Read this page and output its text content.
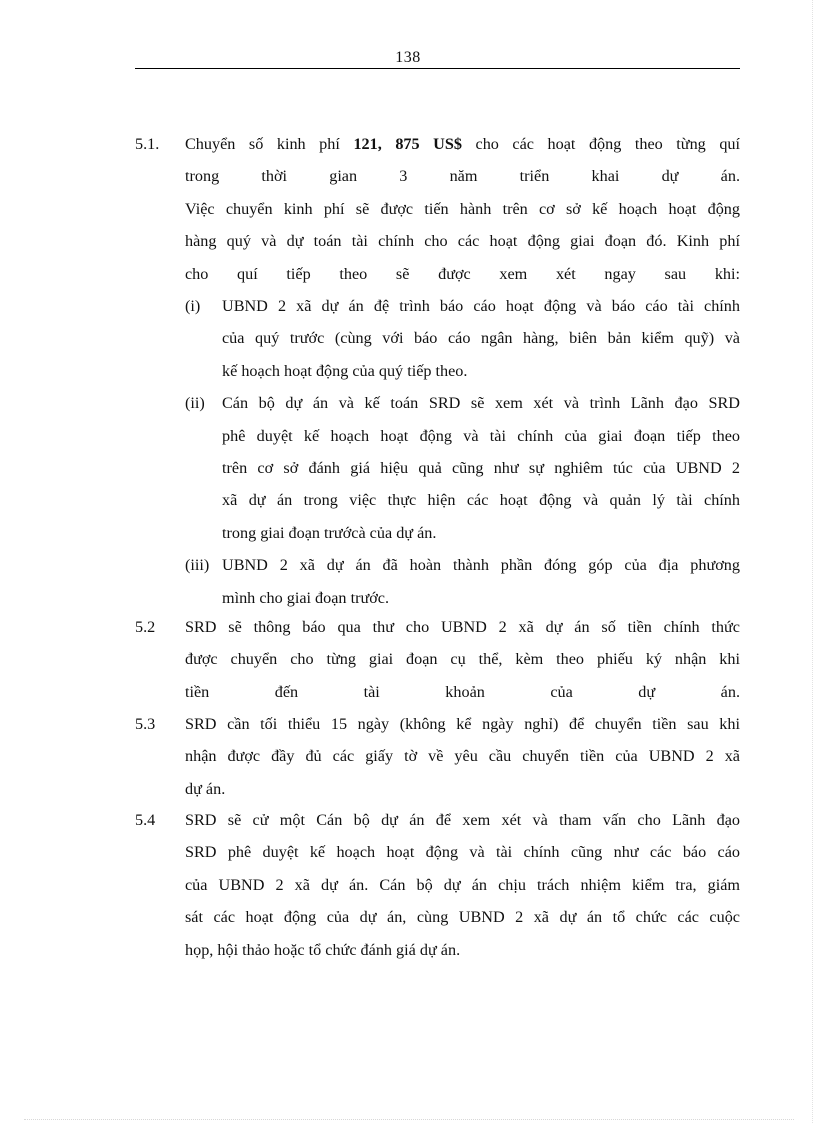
138
5.1. Chuyển số kinh phí 121, 875 US$ cho các hoạt động theo từng quí
trong thời gian 3 năm triển khai dự án.
Việc chuyển kinh phí sẽ được tiến hành trên cơ sở kế hoạch hoạt động
hàng quý và dự toán tài chính cho các hoạt động giai đoạn đó. Kinh phí
cho quí tiếp theo sẽ được xem xét ngay sau khi:
(i) UBND 2 xã dự án đệ trình báo cáo hoạt động và báo cáo tài chính
của quý trước (cùng với báo cáo ngân hàng, biên bản kiểm quỹ) và
kế hoạch hoạt động của quý tiếp theo.
(ii) Cán bộ dự án và kế toán SRD sẽ xem xét và trình Lãnh đạo SRD
phê duyệt kế hoạch hoạt động và tài chính của giai đoạn tiếp theo
trên cơ sở đánh giá hiệu quả cũng như sự nghiêm túc của UBND 2
xã dự án trong việc thực hiện các hoạt động và quản lý tài chính
trong giai đoạn trướcà của dự án.
(iii) UBND 2 xã dự án đã hoàn thành phần đóng góp của địa phương
mình cho giai đoạn trước.
5.2 SRD sẽ thông báo qua thư cho UBND 2 xã dự án số tiền chính thức
được chuyển cho từng giai đoạn cụ thể, kèm theo phiếu ký nhận khi
tiền đến tài khoản của dự án.
5.3 SRD cần tối thiểu 15 ngày (không kể ngày nghỉ) để chuyển tiền sau khi
nhận được đầy đủ các giấy tờ về yêu cầu chuyển tiền của UBND 2 xã
dự án.
5.4 SRD sẽ cử một Cán bộ dự án để xem xét và tham vấn cho Lãnh đạo
SRD phê duyệt kế hoạch hoạt động và tài chính cũng như các báo cáo
của UBND 2 xã dự án. Cán bộ dự án chịu trách nhiệm kiểm tra, giám
sát các hoạt động của dự án, cùng UBND 2 xã dự án tổ chức các cuộc
họp, hội thảo hoặc tổ chức đánh giá dự án.
